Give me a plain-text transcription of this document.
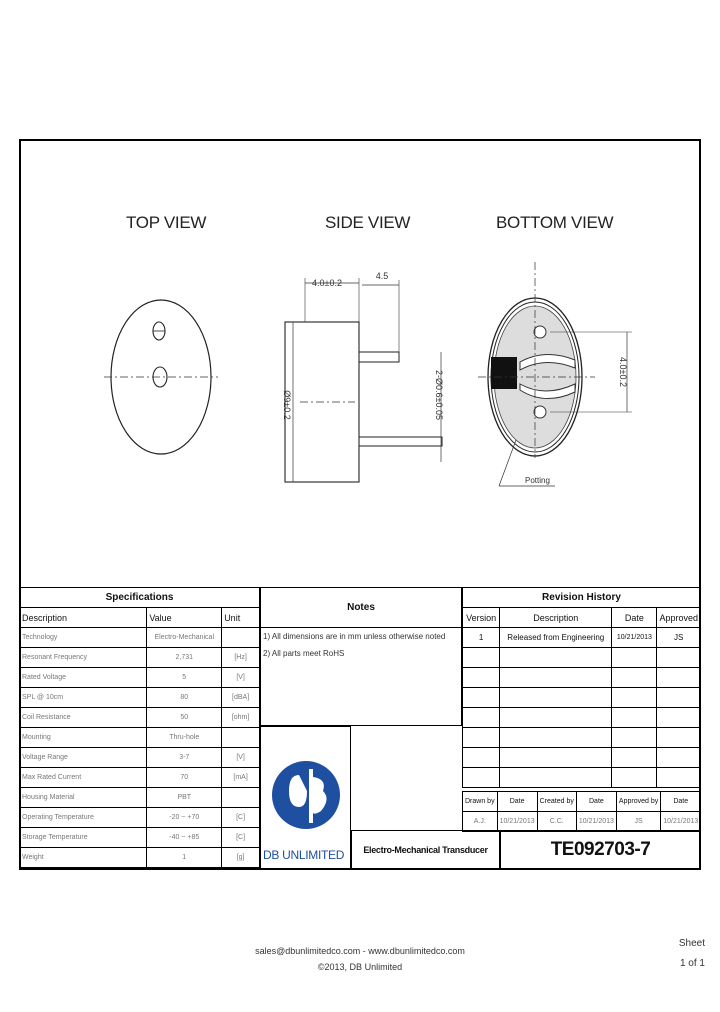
TOP VIEW	SIDE VIEW	BOTTOM VIEW
4.0±0.2
4.5
Ø9±0.2	2-Ø0.6±0.05	4.0±0.2
Potting
Specifications		
Description	Value	Unit
Technology	Electro-Mechanical	
Resonant Frequency	2,731	[Hz]
Rated Voltage	5	[V]
SPL @ 10cm	80	[dBA]
Coil Resistance	50	[ohm]
Mounting	Thru-hole	
Voltage Range	3-7	[V]
Max Rated Current	70	[mA]
Housing Material	PBT	
Operating Temperature	-20 ~ +70	[C]
Storage Temperature	-40 ~ +85	[C]
Weight	1	[g]
Notes
1) All dimensions are in mm unless otherwise noted
2) All parts meet RoHS
DB UNLIMITED
Revision History			
Version	Description	Date	Approved
1	Released from Engineering	10/21/2013	JS

Drawn by	Date	Created by	Date	Approved by	Date
A.J.	10/21/2013	C.C.	10/21/2013	JS	10/21/2013
Electro-Mechanical Transducer	TE092703-7
sales@dbunlimitedco.com - www.dbunlimitedco.com
©2013, DB Unlimited
Sheet
1 of 1
